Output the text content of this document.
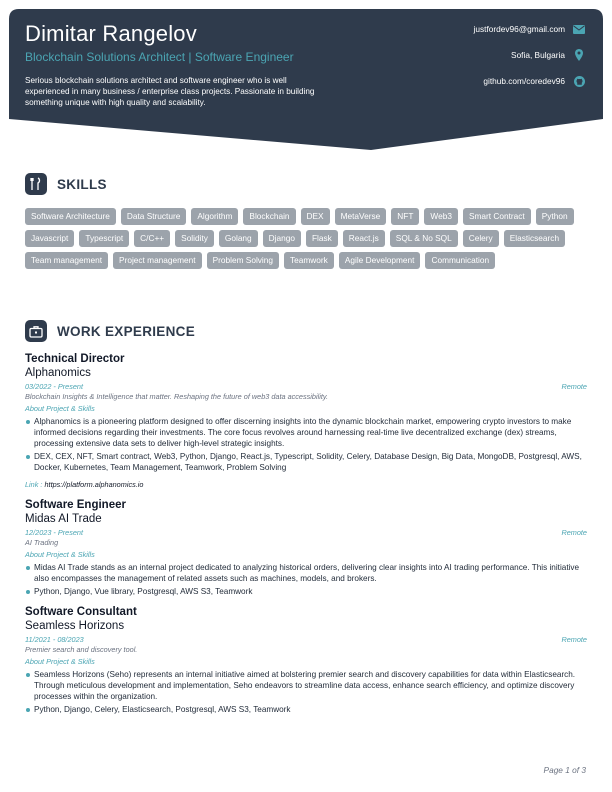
Dimitar Rangelov
Blockchain Solutions Architect | Software Engineer
Serious blockchain solutions architect and software engineer who is well experienced in many business / enterprise class projects. Passionate in building something unique with high quality and scalability.
justfordev96@gmail.com
Sofia, Bulgaria
github.com/coredev96
SKILLS
Software Architecture	Data Structure	Algorithm	Blockchain	DEX	MetaVerse	NFT	Web3	Smart Contract	Python
Javascript	Typescript	C/C++	Solidity	Golang	Django	Flask	React.js	SQL & No SQL	Celery	Elasticsearch
Team management	Project management	Problem Solving	Teamwork	Agile Development	Communication
WORK EXPERIENCE
Technical Director
Alphanomics
03/2022 - Present	Remote
Blockchain Insights & Intelligence that matter. Reshaping the future of web3 data accessibility.
About Project & Skills
Alphanomics is a pioneering platform designed to offer discerning insights into the dynamic blockchain market, empowering crypto investors to make informed decisions regarding their investments. The core focus revolves around harnessing real-time live decentralized exchange (dex) streams, processing extensive data sets to deliver high-level strategic insights.
DEX, CEX, NFT, Smart contract, Web3, Python, Django, React.js, Typescript, Solidity, Celery, Database Design, Big Data, MongoDB, Postgresql, AWS, Docker, Kubernetes, Team Management, Teamwork, Problem Solving
Link : https://platform.alphanomics.io
Software Engineer
Midas AI Trade
12/2023 - Present	Remote
AI Trading
About Project & Skills
Midas AI Trade stands as an internal project dedicated to analyzing historical orders, delivering clear insights into AI trading performance. This initiative also encompasses the management of related assets such as machines, models, and brokers.
Python, Django, Vue library, Postgresql, AWS S3, Teamwork
Software Consultant
Seamless Horizons
11/2021 - 08/2023	Remote
Premier search and discovery tool.
About Project & Skills
Seamless Horizons (Seho) represents an internal initiative aimed at bolstering premier search and discovery capabilities for data within Elasticsearch. Through meticulous development and implementation, Seho endeavors to streamline data access, enhance search efficiency, and optimize discovery processes within the organization.
Python, Django, Celery, Elasticsearch, Postgresql, AWS S3, Teamwork
Page 1 of 3
